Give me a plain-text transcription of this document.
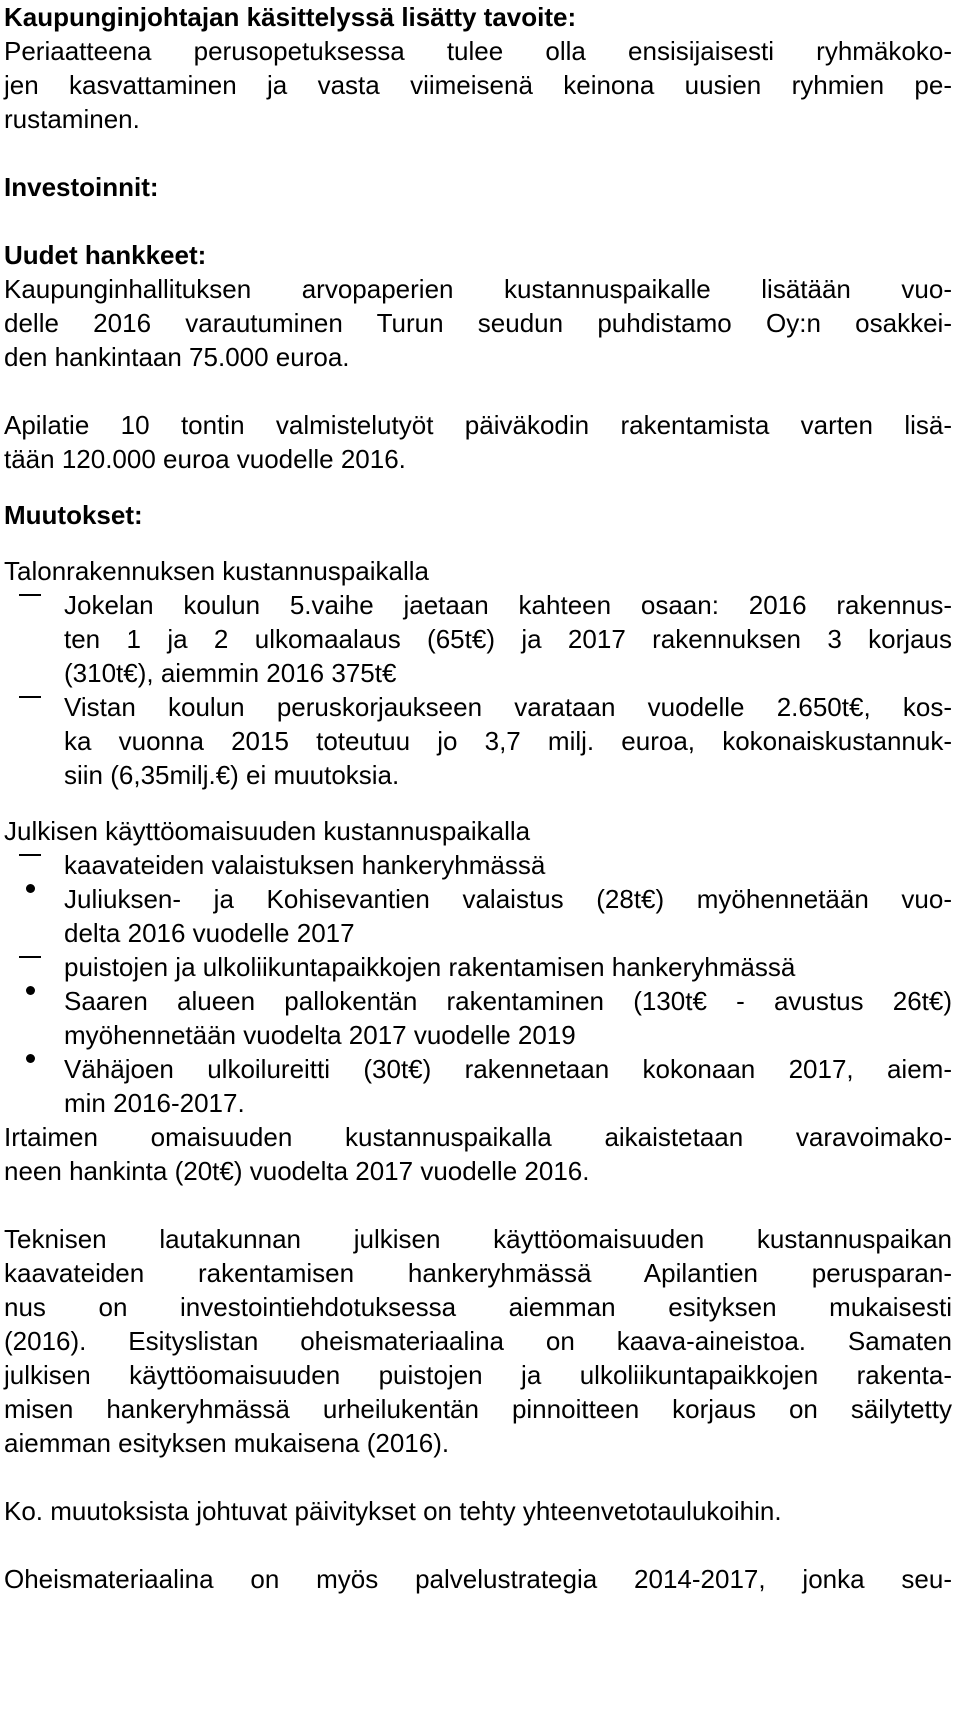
Kaupunginjohtajan käsittelyssä lisätty tavoite:
Periaatteena perusopetuksessa tulee olla ensisijaisesti ryhmäkoko-
jen kasvattaminen ja vasta viimeisenä keinona uusien ryhmien pe-
rustaminen.
Investoinnit:
Uudet hankkeet:
Kaupunginhallituksen arvopaperien kustannuspaikalle lisätään vuo-
delle 2016 varautuminen Turun seudun puhdistamo Oy:n osakkei-
den hankintaan 75.000 euroa.
Apilatie 10 tontin valmistelutyöt päiväkodin rakentamista varten lisä-
tään 120.000 euroa vuodelle 2016.
Muutokset:
Talonrakennuksen kustannuspaikalla
Jokelan koulun 5.vaihe jaetaan kahteen osaan: 2016 rakennus-
ten 1 ja 2 ulkomaalaus (65t€) ja 2017 rakennuksen 3 korjaus
(310t€), aiemmin 2016 375t€
Vistan koulun peruskorjaukseen varataan vuodelle 2.650t€, kos-
ka vuonna 2015 toteutuu jo 3,7 milj. euroa, kokonaiskustannuk-
siin (6,35milj.€) ei muutoksia.
Julkisen käyttöomaisuuden kustannuspaikalla
kaavateiden valaistuksen hankeryhmässä
Juliuksen- ja Kohisevantien valaistus (28t€) myöhennetään vuo-
delta 2016 vuodelle 2017
puistojen ja ulkoliikuntapaikkojen rakentamisen hankeryhmässä
Saaren alueen pallokentän rakentaminen (130t€ - avustus 26t€)
myöhennetään vuodelta 2017 vuodelle 2019
Vähäjoen ulkoilureitti (30t€) rakennetaan kokonaan 2017, aiem-
min 2016-2017.
Irtaimen omaisuuden kustannuspaikalla aikaistetaan varavoimako-
neen hankinta (20t€) vuodelta 2017 vuodelle 2016.
Teknisen lautakunnan julkisen käyttöomaisuuden kustannuspaikan
kaavateiden rakentamisen hankeryhmässä Apilantien perusparan-
nus on investointiehdotuksessa aiemman esityksen mukaisesti
(2016). Esityslistan oheismateriaalina on kaava-aineistoa. Samaten
julkisen käyttöomaisuuden puistojen ja ulkoliikuntapaikkojen rakenta-
misen hankeryhmässä urheilukentän pinnoitteen korjaus on säilytetty
aiemman esityksen mukaisena (2016).
Ko. muutoksista johtuvat päivitykset on tehty yhteenvetotaulukoihin.
Oheismateriaalina on myös palvelustrategia 2014-2017, jonka seu-
